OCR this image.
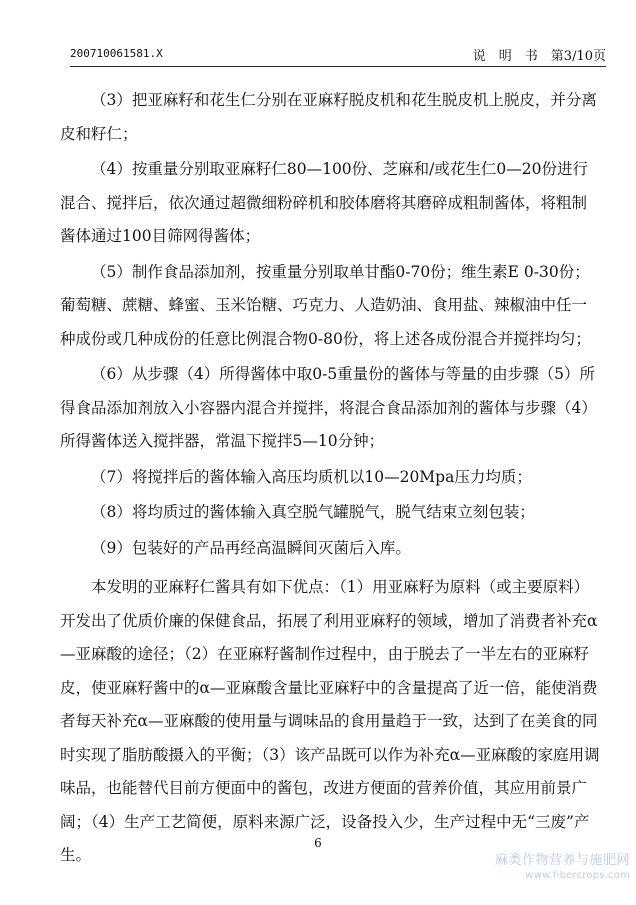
200710061581.X	说　明　书　第3/10页

（3）把亚麻籽和花生仁分别在亚麻籽脱皮机和花生脱皮机上脱皮，并分离皮和籽仁；

（4）按重量分别取亚麻籽仁80—100份、芝麻和/或花生仁0—20份进行混合、搅拌后，依次通过超微细粉碎机和胶体磨将其磨碎成粗制酱体，将粗制酱体通过100目筛网得酱体；

（5）制作食品添加剂，按重量分别取单甘酯0-70份；维生素E 0-30份；葡萄糖、蔗糖、蜂蜜、玉米饴糖、巧克力、人造奶油、食用盐、辣椒油中任一种成份或几种成份的任意比例混合物0-80份，将上述各成份混合并搅拌均匀；

（6）从步骤（4）所得酱体中取0-5重量份的酱体与等量的由步骤（5）所得食品添加剂放入小容器内混合并搅拌，将混合食品添加剂的酱体与步骤（4）所得酱体送入搅拌器，常温下搅拌5—10分钟；

（7）将搅拌后的酱体输入高压均质机以10—20Mpa压力均质；

（8）将均质过的酱体输入真空脱气罐脱气，脱气结束立刻包装；

（9）包装好的产品再经高温瞬间灭菌后入库。

本发明的亚麻籽仁酱具有如下优点：（1）用亚麻籽为原料（或主要原料）开发出了优质价廉的保健食品，拓展了利用亚麻籽的领域，增加了消费者补充α—亚麻酸的途径；（2）在亚麻籽酱制作过程中，由于脱去了一半左右的亚麻籽皮，使亚麻籽酱中的α—亚麻酸含量比亚麻籽中的含量提高了近一倍，能使消费者每天补充α—亚麻酸的使用量与调味品的食用量趋于一致，达到了在美食的同时实现了脂肪酸摄入的平衡；（3）该产品既可以作为补充α—亚麻酸的家庭用调味品，也能替代目前方便面中的酱包，改进方便面的营养价值，其应用前景广阔；（4）生产工艺简便，原料来源广泛，设备投入少，生产过程中无“三废”产生。

6
麻类作物营养与施肥网
www.fibercrops.com
